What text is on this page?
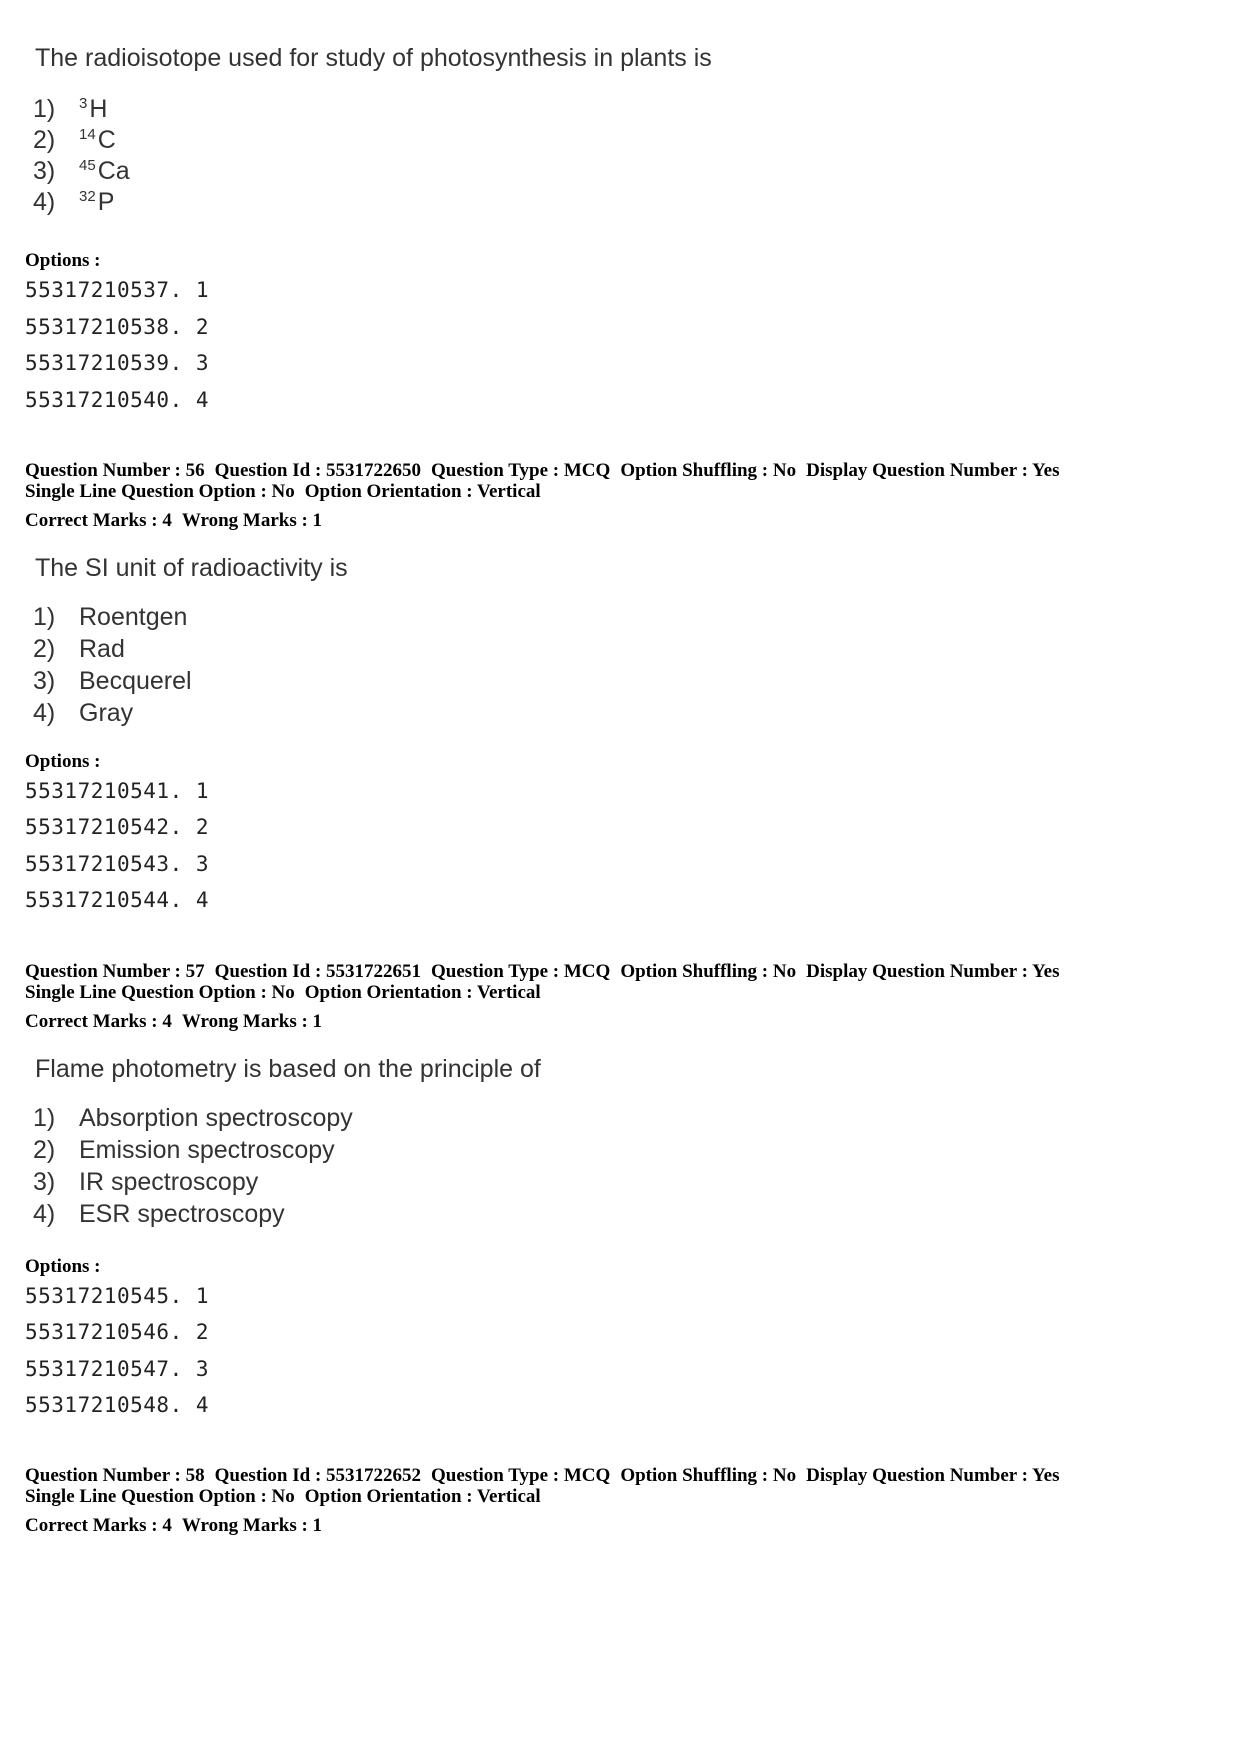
The radioisotope used for study of photosynthesis in plants is
1) $^3$H
2) $^{14}$C
3) $^{45}$Ca
4) $^{32}$P
Options :
55317210537. 1
55317210538. 2
55317210539. 3
55317210540. 4
Question Number : 56 Question Id : 5531722650 Question Type : MCQ Option Shuffling : No Display Question Number : Yes
Single Line Question Option : No Option Orientation : Vertical
Correct Marks : 4 Wrong Marks : 1
The SI unit of radioactivity is
1) Roentgen
2) Rad
3) Becquerel
4) Gray
Options :
55317210541. 1
55317210542. 2
55317210543. 3
55317210544. 4
Question Number : 57 Question Id : 5531722651 Question Type : MCQ Option Shuffling : No Display Question Number : Yes
Single Line Question Option : No Option Orientation : Vertical
Correct Marks : 4 Wrong Marks : 1
Flame photometry is based on the principle of
1) Absorption spectroscopy
2) Emission spectroscopy
3) IR spectroscopy
4) ESR spectroscopy
Options :
55317210545. 1
55317210546. 2
55317210547. 3
55317210548. 4
Question Number : 58 Question Id : 5531722652 Question Type : MCQ Option Shuffling : No Display Question Number : Yes
Single Line Question Option : No Option Orientation : Vertical
Correct Marks : 4 Wrong Marks : 1
